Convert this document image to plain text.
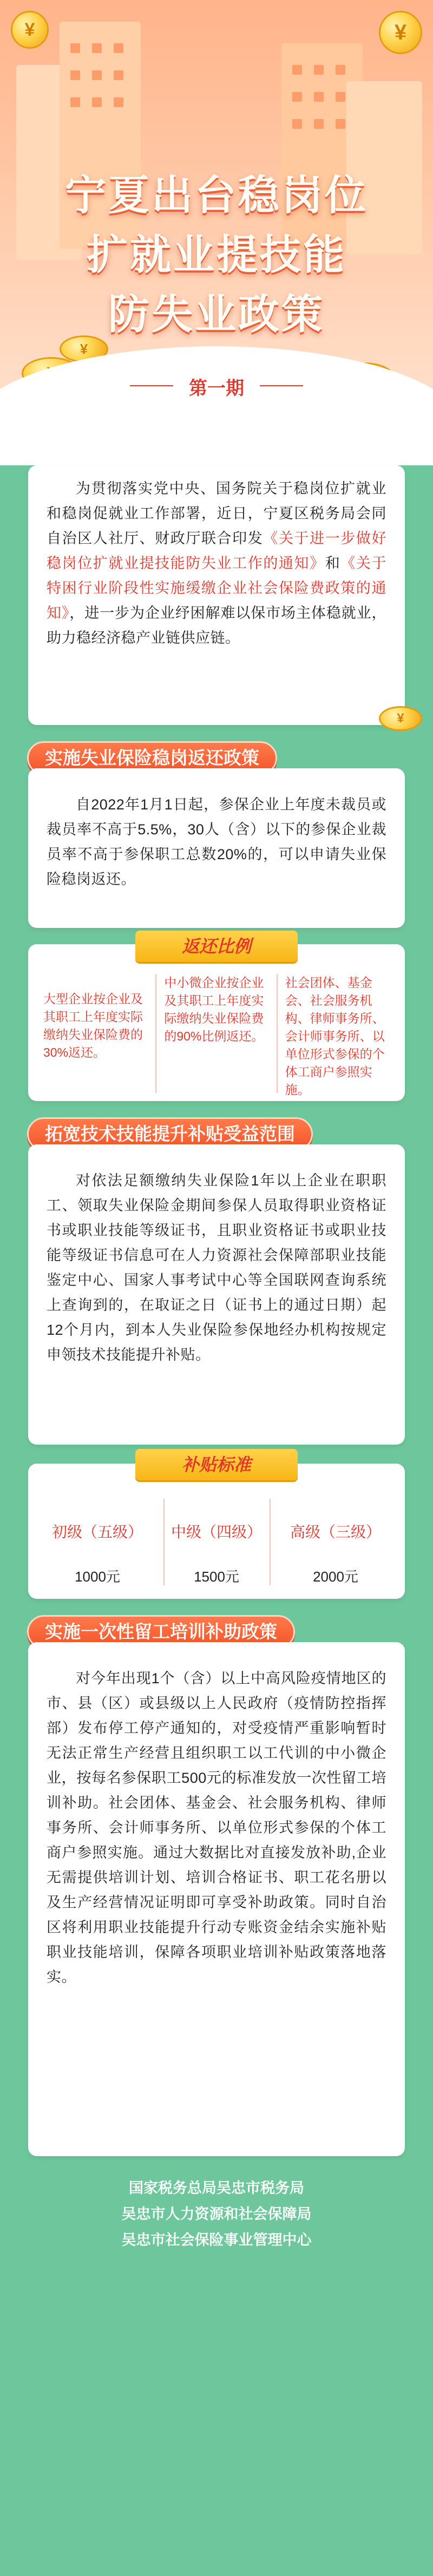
¥
¥
¥
宁夏出台稳岗位
扩就业提技能
防失业政策
第一期

为贯彻落实党中央、国务院关于稳岗位扩就业和稳岗促就业工作部署，近日，宁夏区税务局会同自治区人社厅、财政厅联合印发《关于进一步做好稳岗位扩就业提技能防失业工作的通知》和《关于特困行业阶段性实施缓缴企业社会保险费政策的通知》，进一步为企业纾困解难以保市场主体稳就业，助力稳经济稳产业链供应链。

¥
实施失业保险稳岗返还政策

自2022年1月1日起，参保企业上年度未裁员或裁员率不高于5.5%，30人（含）以下的参保企业裁员率不高于参保职工总数20%的，可以申请失业保险稳岗返还。

返还比例
大型企业按企业及其职工上年度实际缴纳失业保险费的30%返还。
中小微企业按企业及其职工上年度实际缴纳失业保险费的90%比例返还。
社会团体、基金会、社会服务机构、律师事务所、会计师事务所、以单位形式参保的个体工商户参照实施。
拓宽技术技能提升补贴受益范围

对依法足额缴纳失业保险1年以上企业在职职工、领取失业保险金期间参保人员取得职业资格证书或职业技能等级证书，且职业资格证书或职业技能等级证书信息可在人力资源社会保障部职业技能鉴定中心、国家人事考试中心等全国联网查询系统上查询到的，在取证之日（证书上的通过日期）起12个月内，到本人失业保险参保地经办机构按规定申领技术技能提升补贴。

补贴标准
初级（五级）
1000元
中级（四级）
1500元
高级（三级）
2000元
实施一次性留工培训补助政策

对今年出现1个（含）以上中高风险疫情地区的市、县（区）或县级以上人民政府（疫情防控指挥部）发布停工停产通知的，对受疫情严重影响暂时无法正常生产经营且组织职工以工代训的中小微企业，按每名参保职工500元的标准发放一次性留工培训补助。社会团体、基金会、社会服务机构、律师事务所、会计师事务所、以单位形式参保的个体工商户参照实施。通过大数据比对直接发放补助,企业无需提供培训计划、培训合格证书、职工花名册以及生产经营情况证明即可享受补助政策。同时自治区将利用职业技能提升行动专账资金结余实施补贴职业技能培训，保障各项职业培训补贴政策落地落实。

国家税务总局吴忠市税务局
吴忠市人力资源和社会保障局
吴忠市社会保险事业管理中心
